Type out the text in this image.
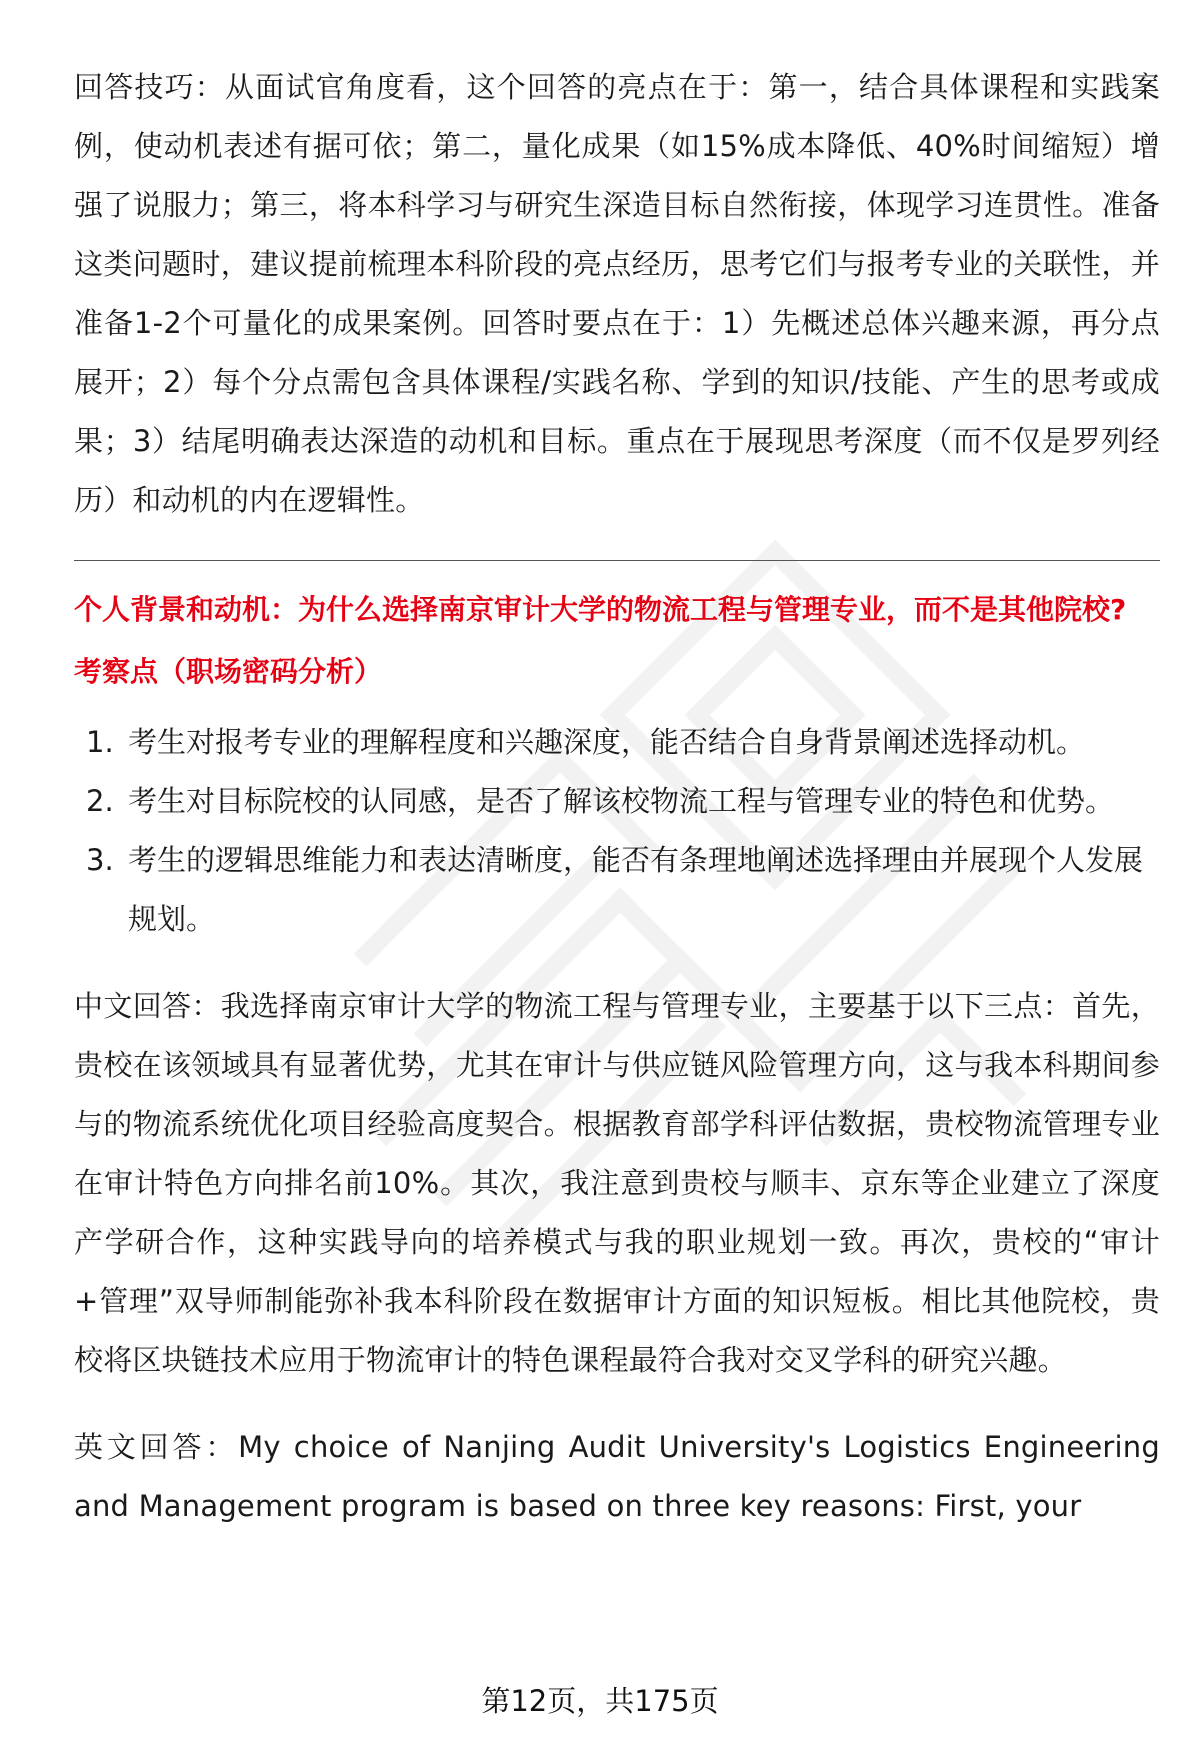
回答技巧：从面试官角度看，这个回答的亮点在于：第一，结合具体课程和实践案例，使动机表述有据可依；第二，量化成果（如15%成本降低、40%时间缩短）增强了说服力；第三，将本科学习与研究生深造目标自然衔接，体现学习连贯性。准备这类问题时，建议提前梳理本科阶段的亮点经历，思考它们与报考专业的关联性，并准备1-2个可量化的成果案例。回答时要点在于：1）先概述总体兴趣来源，再分点展开；2）每个分点需包含具体课程/实践名称、学到的知识/技能、产生的思考或成果；3）结尾明确表达深造的动机和目标。重点在于展现思考深度（而不仅是罗列经历）和动机的内在逻辑性。

个人背景和动机：为什么选择南京审计大学的物流工程与管理专业，而不是其他院校?

考察点（职场密码分析）

1. 考生对报考专业的理解程度和兴趣深度，能否结合自身背景阐述选择动机。
2. 考生对目标院校的认同感，是否了解该校物流工程与管理专业的特色和优势。
3. 考生的逻辑思维能力和表达清晰度，能否有条理地阐述选择理由并展现个人发展规划。

中文回答：我选择南京审计大学的物流工程与管理专业，主要基于以下三点：首先，贵校在该领域具有显著优势，尤其在审计与供应链风险管理方向，这与我本科期间参与的物流系统优化项目经验高度契合。根据教育部学科评估数据，贵校物流管理专业在审计特色方向排名前10%。其次，我注意到贵校与顺丰、京东等企业建立了深度产学研合作，这种实践导向的培养模式与我的职业规划一致。再次，贵校的“审计+管理”双导师制能弥补我本科阶段在数据审计方面的知识短板。相比其他院校，贵校将区块链技术应用于物流审计的特色课程最符合我对交叉学科的研究兴趣。

英文回答：My choice of Nanjing Audit University's Logistics Engineering and Management program is based on three key reasons: First, your

第12页，共175页
